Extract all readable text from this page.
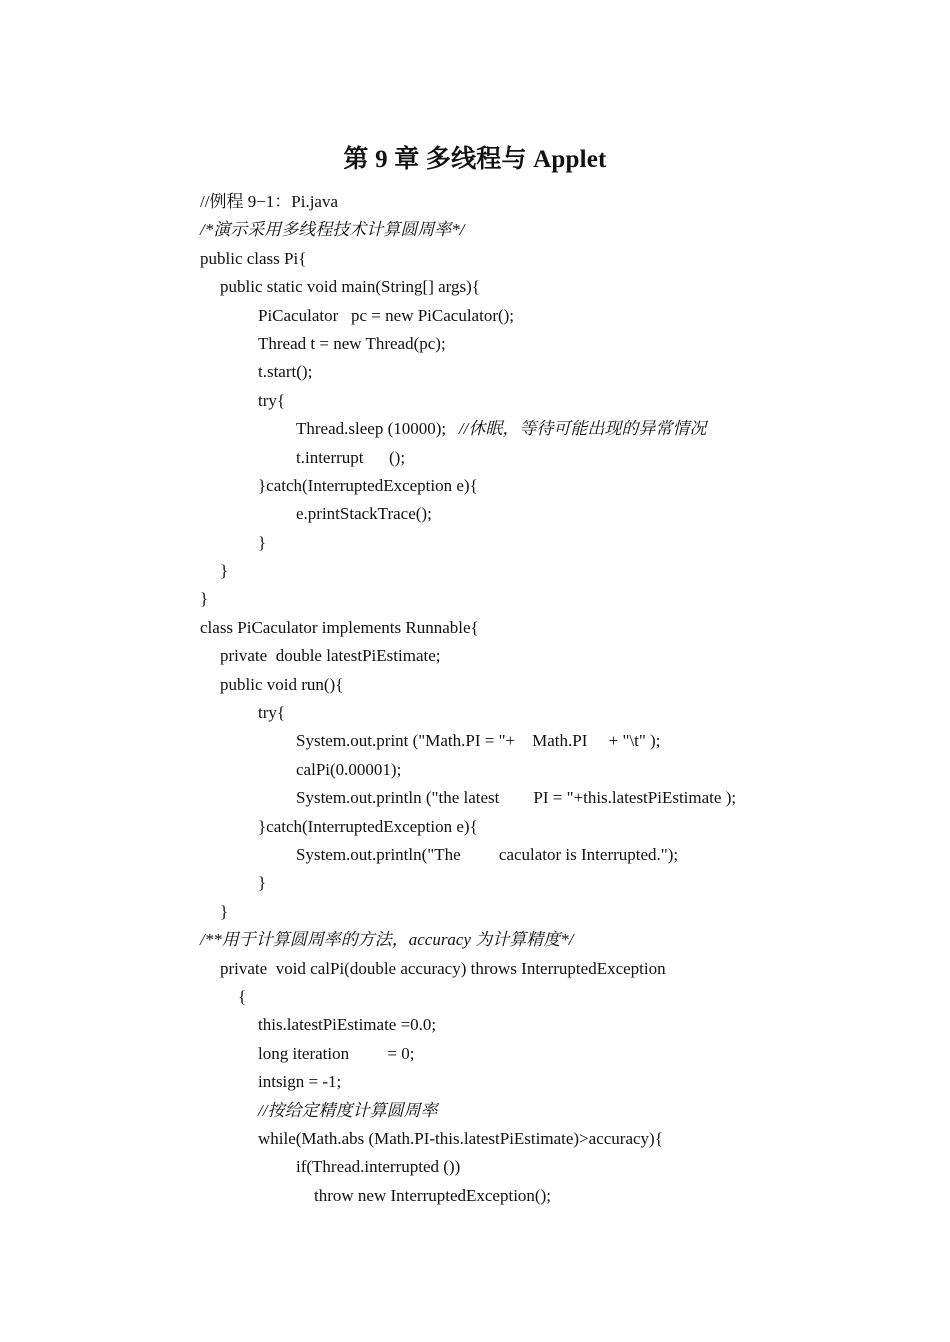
第 9 章 多线程与 Applet
//例程 9−1：Pi.java
/*演示采用多线程技术计算圆周率*/
public class Pi{
public static void main(String[] args){
PiCaculator   pc = new PiCaculator();
Thread t = new Thread(pc);
t.start();
try{
Thread.sleep (10000);   //休眠，等待可能出现的异常情况
t.interrupt      ();
}catch(InterruptedException e){
e.printStackTrace();
}
}
}
class PiCaculator implements Runnable{
private  double latestPiEstimate;
public void run(){
try{
System.out.print ("Math.PI = "+    Math.PI     + "\t" );
calPi(0.00001);
System.out.println ("the latest        PI = "+this.latestPiEstimate );
}catch(InterruptedException e){
System.out.println("The         caculator is Interrupted.");
}
}
/**用于计算圆周率的方法，accuracy 为计算精度*/
private  void calPi(double accuracy) throws InterruptedException
{
this.latestPiEstimate =0.0;
long iteration         = 0;
intsign = -1;
//按给定精度计算圆周率
while(Math.abs (Math.PI-this.latestPiEstimate)>accuracy){
if(Thread.interrupted ())
throw new InterruptedException();
